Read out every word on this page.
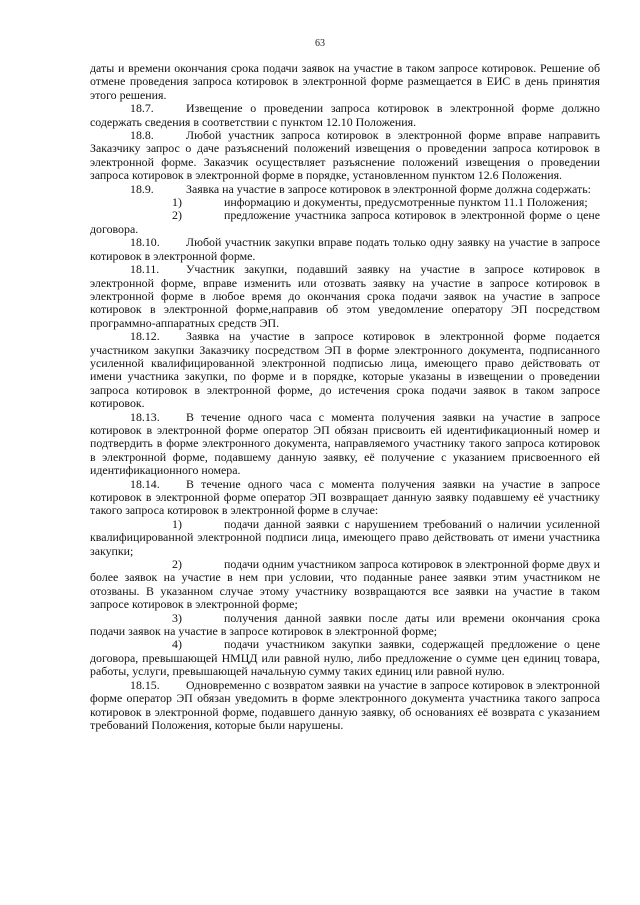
63

даты и времени окончания срока подачи заявок на участие в таком запросе котировок. Решение об отмене проведения запроса котировок в электронной форме размещается в ЕИС в день принятия этого решения.

18.7.	Извещение о проведении запроса котировок в электронной форме должно содержать сведения в соответствии с пунктом 12.10 Положения.

18.8.	Любой участник запроса котировок в электронной форме вправе направить Заказчику запрос о даче разъяснений положений извещения о проведении запроса котировок в электронной форме. Заказчик осуществляет разъяснение положений извещения о проведении запроса котировок в электронной форме в порядке, установленном пунктом 12.6 Положения.

18.9.	Заявка на участие в запросе котировок в электронной форме должна содержать:

1)	информацию и документы, предусмотренные пунктом 11.1 Положения;

2)	предложение участника запроса котировок в электронной форме о цене договора.

18.10. Любой участник закупки вправе подать только одну заявку на участие в запросе котировок в электронной форме.

18.11. Участник закупки, подавший заявку на участие в запросе котировок в электронной форме, вправе изменить или отозвать заявку на участие в запросе котировок в электронной форме в любое время до окончания срока подачи заявок на участие в запросе котировок в электронной форме,направив об этом уведомление оператору ЭП посредством программно-аппаратных средств ЭП.

18.12. Заявка на участие в запросе котировок в электронной форме подается участником закупки Заказчику посредством ЭП в форме электронного документа, подписанного усиленной квалифицированной электронной подписью лица, имеющего право действовать от имени участника закупки, по форме и в порядке, которые указаны в извещении о проведении запроса котировок в электронной форме, до истечения срока подачи заявок в таком запросе котировок.

18.13. В течение одного часа с момента получения заявки на участие в запросе котировок в электронной форме оператор ЭП обязан присвоить ей идентификационный номер и подтвердить в форме электронного документа, направляемого участнику такого запроса котировок в электронной форме, подавшему данную заявку, её получение с указанием присвоенного ей идентификационного номера.

18.14. В течение одного часа с момента получения заявки на участие в запросе котировок в электронной форме оператор ЭП возвращает данную заявку подавшему её участнику такого запроса котировок в электронной форме в случае:

1)	подачи данной заявки с нарушением требований о наличии усиленной квалифицированной электронной подписи лица, имеющего право действовать от имени участника закупки;

2)	подачи одним участником запроса котировок в электронной форме двух и более заявок на участие в нем при условии, что поданные ранее заявки этим участником не отозваны. В указанном случае этому участнику возвращаются все заявки на участие в таком запросе котировок в электронной форме;

3)	получения данной заявки после даты или времени окончания срока подачи заявок на участие в запросе котировок в электронной форме;

4)	подачи участником закупки заявки, содержащей предложение о цене договора, превышающей НМЦД или равной нулю, либо предложение о сумме цен единиц товара, работы, услуги, превышающей начальную сумму таких единиц или равной нулю.

18.15. Одновременно с возвратом заявки на участие в запросе котировок в электронной форме оператор ЭП обязан уведомить в форме электронного документа участника такого запроса котировок в электронной форме, подавшего данную заявку, об основаниях её возврата с указанием требований Положения, которые были нарушены.
